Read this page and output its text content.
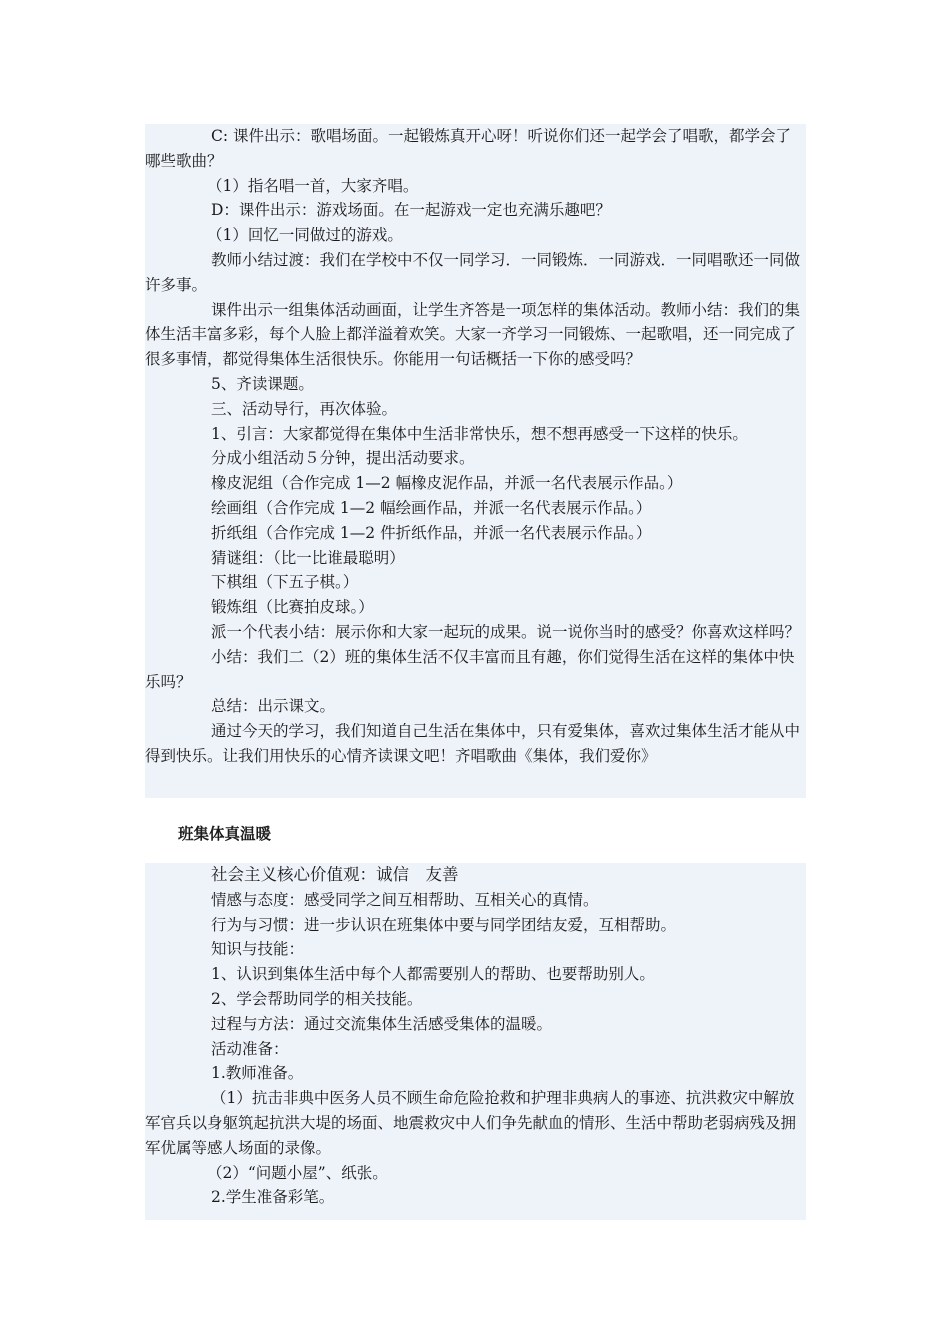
C: 课件出示：歌唱场面。一起锻炼真开心呀！听说你们还一起学会了唱歌，都学会了哪些歌曲？

（1）指名唱一首，大家齐唱。

D：课件出示：游戏场面。在一起游戏一定也充满乐趣吧？

（1）回忆一同做过的游戏。

教师小结过渡：我们在学校中不仅一同学习．一同锻炼．一同游戏．一同唱歌还一同做许多事。

课件出示一组集体活动画面，让学生齐答是一项怎样的集体活动。教师小结：我们的集体生活丰富多彩，每个人脸上都洋溢着欢笑。大家一齐学习一同锻炼、一起歌唱，还一同完成了很多事情，都觉得集体生活很快乐。你能用一句话概括一下你的感受吗？

5、齐读课题。

三、活动导行，再次体验。

1、引言：大家都觉得在集体中生活非常快乐，想不想再感受一下这样的快乐。

分成小组活动５分钟，提出活动要求。

橡皮泥组（合作完成 1—2 幅橡皮泥作品，并派一名代表展示作品。）

绘画组（合作完成 1—2 幅绘画作品，并派一名代表展示作品。）

折纸组（合作完成 1—2 件折纸作品，并派一名代表展示作品。）

猜谜组：（比一比谁最聪明）

下棋组（下五子棋。）

锻炼组（比赛拍皮球。）

派一个代表小结：展示你和大家一起玩的成果。说一说你当时的感受？你喜欢这样吗？

小结：我们二（2）班的集体生活不仅丰富而且有趣，你们觉得生活在这样的集体中快乐吗？

总结：出示课文。

通过今天的学习，我们知道自己生活在集体中，只有爱集体，喜欢过集体生活才能从中得到快乐。让我们用快乐的心情齐读课文吧！齐唱歌曲《集体，我们爱你》

班集体真温暖

社会主义核心价值观：诚信　友善

情感与态度：感受同学之间互相帮助、互相关心的真情。

行为与习惯：进一步认识在班集体中要与同学团结友爱，互相帮助。

知识与技能：

1、认识到集体生活中每个人都需要别人的帮助、也要帮助别人。

2、学会帮助同学的相关技能。

过程与方法：通过交流集体生活感受集体的温暖。

活动准备：

1.教师准备。

（1）抗击非典中医务人员不顾生命危险抢救和护理非典病人的事迹、抗洪救灾中解放军官兵以身躯筑起抗洪大堤的场面、地震救灾中人们争先献血的情形、生活中帮助老弱病残及拥军优属等感人场面的录像。

（2）“问题小屋”、纸张。

2.学生准备彩笔。
